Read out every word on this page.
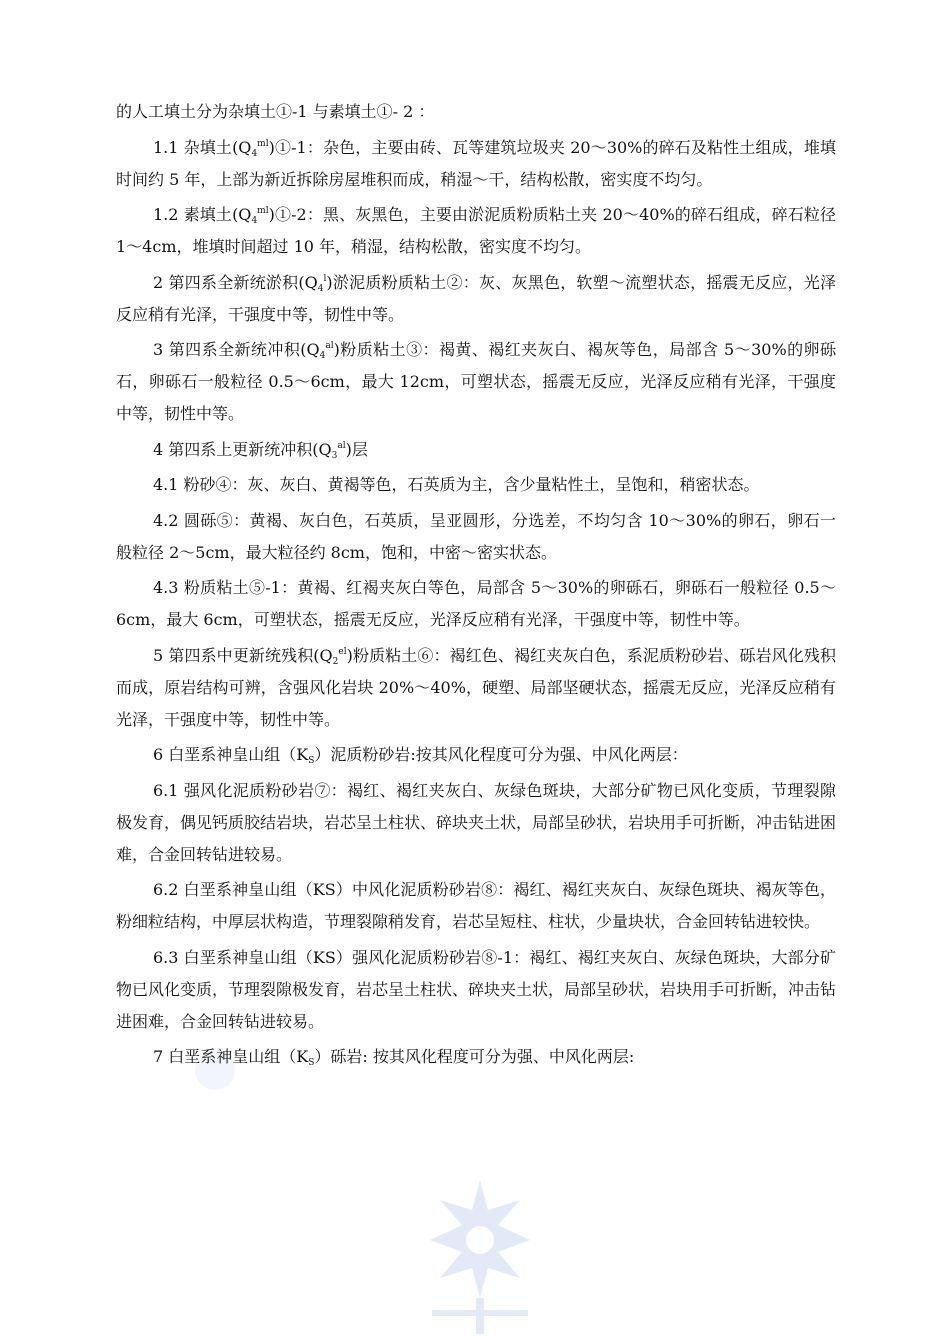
的人工填土分为杂填土①-1 与素填土①- 2 ：

1.1 杂填土$(Q_4^{ml})①-1$：杂色，主要由砖、瓦等建筑垃圾夹 20～30%的碎石及粘性土组成，堆填时间约 5 年，上部为新近拆除房屋堆积而成，稍湿～干，结构松散，密实度不均匀。

1.2 素填土$(Q_4^{ml})①-2$：黑、灰黑色，主要由淤泥质粉质粘土夹 20～40%的碎石组成，碎石粒径 1～4cm，堆填时间超过 10 年，稍湿，结构松散，密实度不均匀。

2 第四系全新统淤积$(Q_4^l)$淤泥质粉质粘土②：灰、灰黑色，软塑～流塑状态，摇震无反应，光泽反应稍有光泽，干强度中等，韧性中等。

3 第四系全新统冲积$(Q_4^{al})$粉质粘土③：褐黄、褐红夹灰白、褐灰等色，局部含 5～30%的卵砾石，卵砾石一般粒径 0.5～6cm，最大 12cm，可塑状态，摇震无反应，光泽反应稍有光泽，干强度中等，韧性中等。

4 第四系上更新统冲积$(Q_3^{al})$层

4.1 粉砂④：灰、灰白、黄褐等色，石英质为主，含少量粘性土，呈饱和，稍密状态。

4.2 圆砾⑤：黄褐、灰白色，石英质，呈亚圆形，分选差，不均匀含 10～30%的卵石，卵石一般粒径 2～5cm，最大粒径约 8cm，饱和，中密～密实状态。

4.3 粉质粘土⑤-1：黄褐、红褐夹灰白等色，局部含 5～30%的卵砾石，卵砾石一般粒径 0.5～6cm，最大 6cm，可塑状态，摇震无反应，光泽反应稍有光泽，干强度中等，韧性中等。

5 第四系中更新统残积$(Q_2^{el})$粉质粘土⑥：褐红色、褐红夹灰白色，系泥质粉砂岩、砾岩风化残积而成，原岩结构可辨，含强风化岩块 20%～40%，硬塑、局部坚硬状态，摇震无反应，光泽反应稍有光泽，干强度中等，韧性中等。

6 白垩系神皇山组$(K_S)$泥质粉砂岩:按其风化程度可分为强、中风化两层：

6.1 强风化泥质粉砂岩⑦：褐红、褐红夹灰白、灰绿色斑块，大部分矿物已风化变质，节理裂隙极发育，偶见钙质胶结岩块，岩芯呈土柱状、碎块夹土状，局部呈砂状，岩块用手可折断，冲击钻进困难，合金回转钻进较易。

6.2 白垩系神皇山组（KS）中风化泥质粉砂岩⑧：褐红、褐红夹灰白、灰绿色斑块、褐灰等色，粉细粒结构，中厚层状构造，节理裂隙稍发育，岩芯呈短柱、柱状，少量块状，合金回转钻进较快。

6.3 白垩系神皇山组（KS）强风化泥质粉砂岩⑧-1：褐红、褐红夹灰白、灰绿色斑块，大部分矿物已风化变质，节理裂隙极发育，岩芯呈土柱状、碎块夹土状，局部呈砂状，岩块用手可折断，冲击钻进困难，合金回转钻进较易。

7 白垩系神皇山组$(K_S)$砾岩: 按其风化程度可分为强、中风化两层:
